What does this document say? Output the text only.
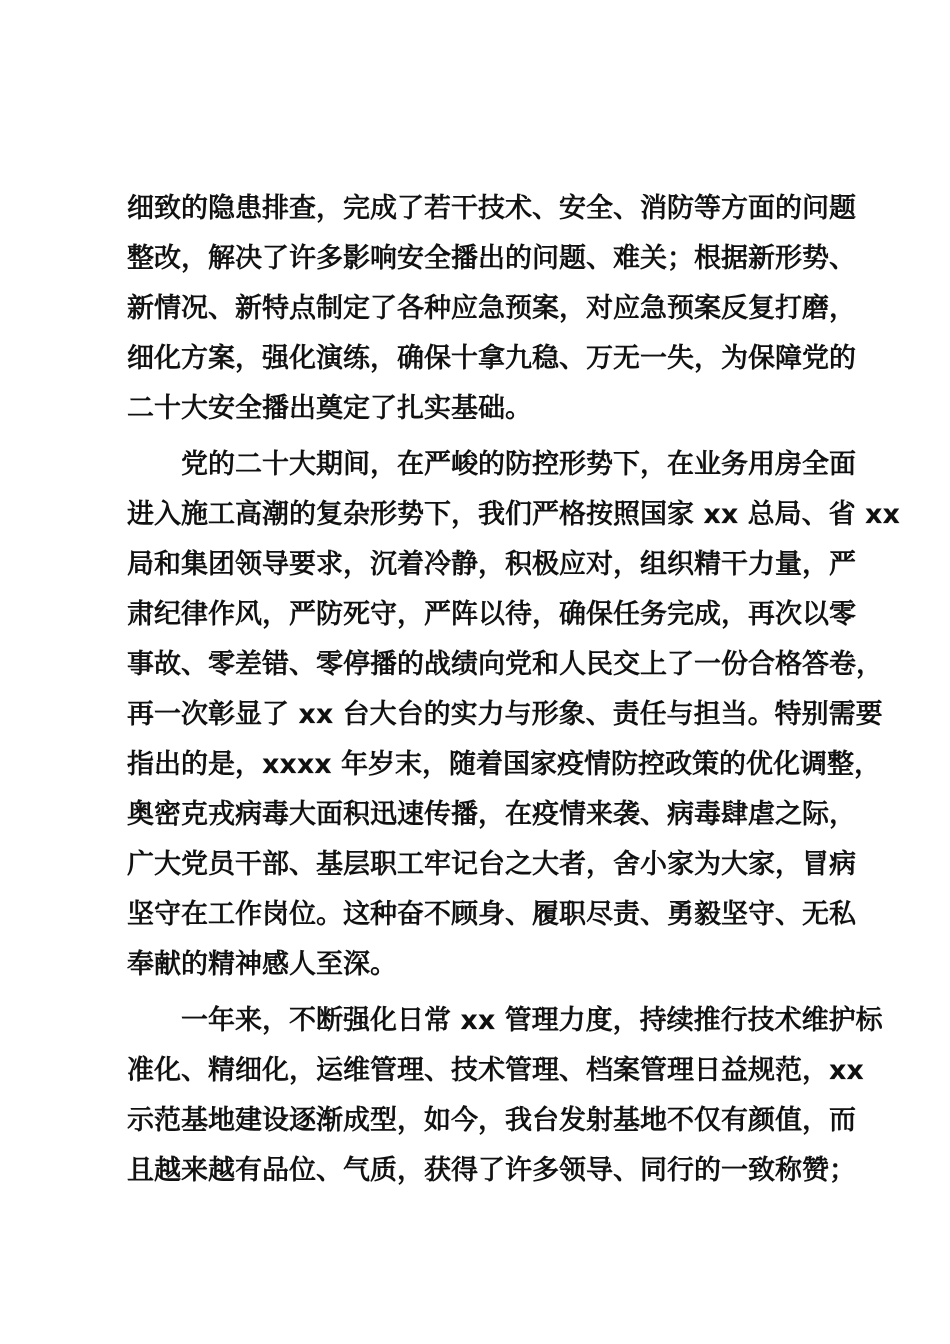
细致的隐患排查，完成了若干技术、安全、消防等方面的问题
整改，解决了许多影响安全播出的问题、难关；根据新形势、
新情况、新特点制定了各种应急预案，对应急预案反复打磨，
细化方案，强化演练，确保十拿九稳、万无一失，为保障党的
二十大安全播出奠定了扎实基础。
党的二十大期间，在严峻的防控形势下，在业务用房全面
进入施工高潮的复杂形势下，我们严格按照国家 xx 总局、省 xx
局和集团领导要求，沉着冷静，积极应对，组织精干力量，严
肃纪律作风，严防死守，严阵以待，确保任务完成，再次以零
事故、零差错、零停播的战绩向党和人民交上了一份合格答卷，
再一次彰显了 xx 台大台的实力与形象、责任与担当。特别需要
指出的是，xxxx 年岁末，随着国家疫情防控政策的优化调整，
奥密克戎病毒大面积迅速传播，在疫情来袭、病毒肆虐之际，
广大党员干部、基层职工牢记台之大者，舍小家为大家，冒病
坚守在工作岗位。这种奋不顾身、履职尽责、勇毅坚守、无私
奉献的精神感人至深。
一年来，不断强化日常 xx 管理力度，持续推行技术维护标
准化、精细化，运维管理、技术管理、档案管理日益规范，xx
示范基地建设逐渐成型，如今，我台发射基地不仅有颜值，而
且越来越有品位、气质，获得了许多领导、同行的一致称赞；
